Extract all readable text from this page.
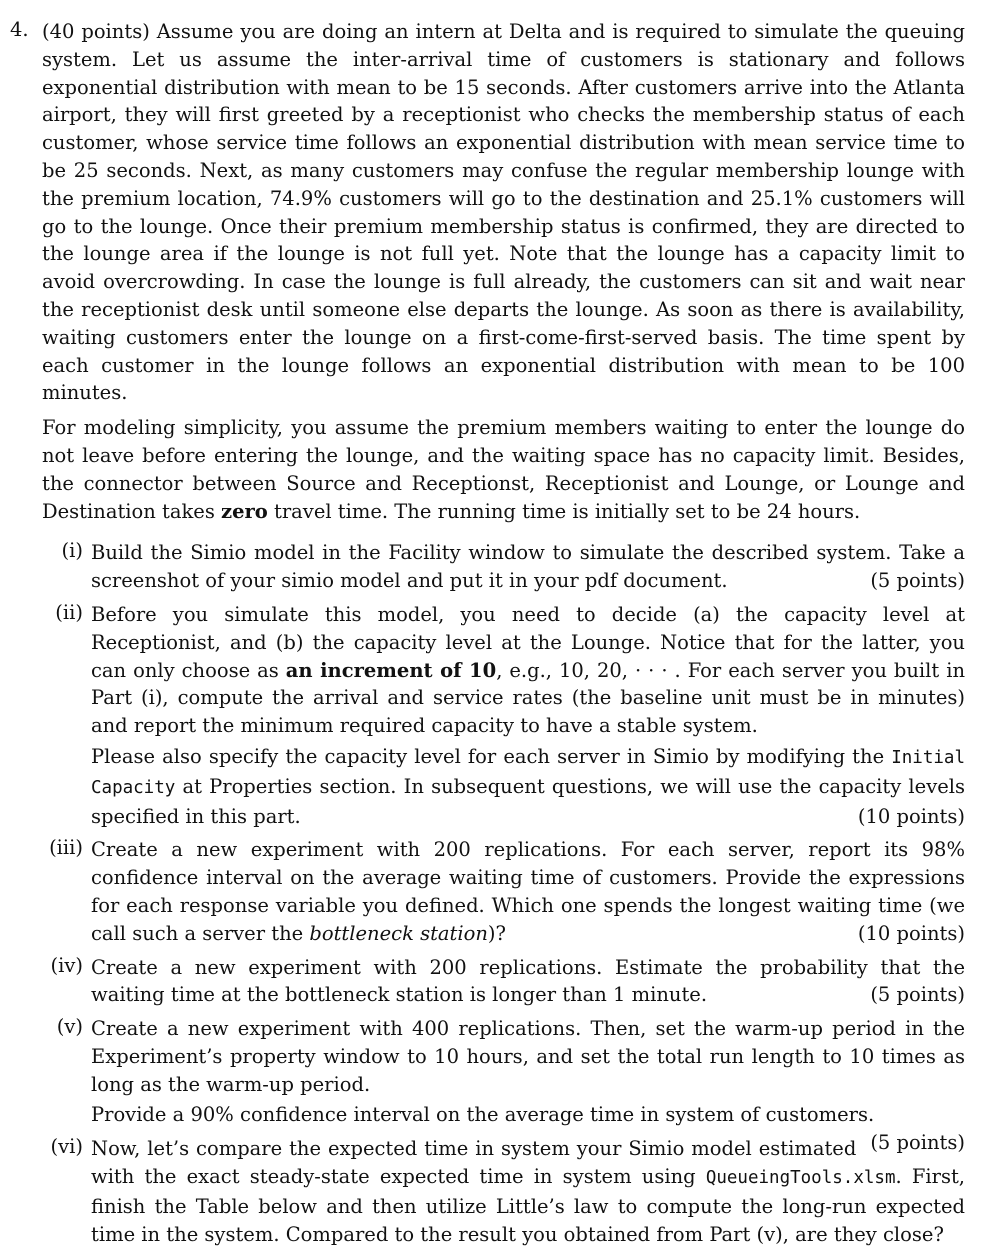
4. (40 points) Assume you are doing an intern at Delta and is required to simulate the queuing system. Let us assume the inter-arrival time of customers is stationary and follows exponential distribution with mean to be 15 seconds. After customers arrive into the Atlanta airport, they will first greeted by a receptionist who checks the membership status of each customer, whose service time follows an exponential distribution with mean service time to be 25 seconds. Next, as many customers may confuse the regular membership lounge with the premium location, 74.9% customers will go to the destination and 25.1% customers will go to the lounge. Once their premium membership status is confirmed, they are directed to the lounge area if the lounge is not full yet. Note that the lounge has a capacity limit to avoid overcrowding. In case the lounge is full already, the customers can sit and wait near the receptionist desk until someone else departs the lounge. As soon as there is availability, waiting customers enter the lounge on a first-come-first-served basis. The time spent by each customer in the lounge follows an exponential distribution with mean to be 100 minutes.

For modeling simplicity, you assume the premium members waiting to enter the lounge do not leave before entering the lounge, and the waiting space has no capacity limit. Besides, the connector between Source and Receptionst, Receptionist and Lounge, or Lounge and Destination takes zero travel time. The running time is initially set to be 24 hours.

(i) Build the Simio model in the Facility window to simulate the described system. Take a screenshot of your simio model and put it in your pdf document.	(5 points)

(ii) Before you simulate this model, you need to decide (a) the capacity level at Receptionist, and (b) the capacity level at the Lounge. Notice that for the latter, you can only choose as an increment of 10, e.g., 10, 20, · · · . For each server you built in Part (i), compute the arrival and service rates (the baseline unit must be in minutes) and report the minimum required capacity to have a stable system.

Please also specify the capacity level for each server in Simio by modifying the Initial Capacity at Properties section. In subsequent questions, we will use the capacity levels specified in this part.	(10 points)

(iii) Create a new experiment with 200 replications. For each server, report its 98% confidence interval on the average waiting time of customers. Provide the expressions for each response variable you defined. Which one spends the longest waiting time (we call such a server the bottleneck station)?	(10 points)

(iv) Create a new experiment with 200 replications. Estimate the probability that the waiting time at the bottleneck station is longer than 1 minute.	(5 points)

(v) Create a new experiment with 400 replications. Then, set the warm-up period in the Experiment’s property window to 10 hours, and set the total run length to 10 times as long as the warm-up period.

Provide a 90% confidence interval on the average time in system of customers.
(5 points)

(vi) Now, let’s compare the expected time in system your Simio model estimated with the exact steady-state expected time in system using QueueingTools.xlsm. First, finish the Table below and then utilize Little’s law to compute the long-run expected time in the system. Compared to the result you obtained from Part (v), are they close?
